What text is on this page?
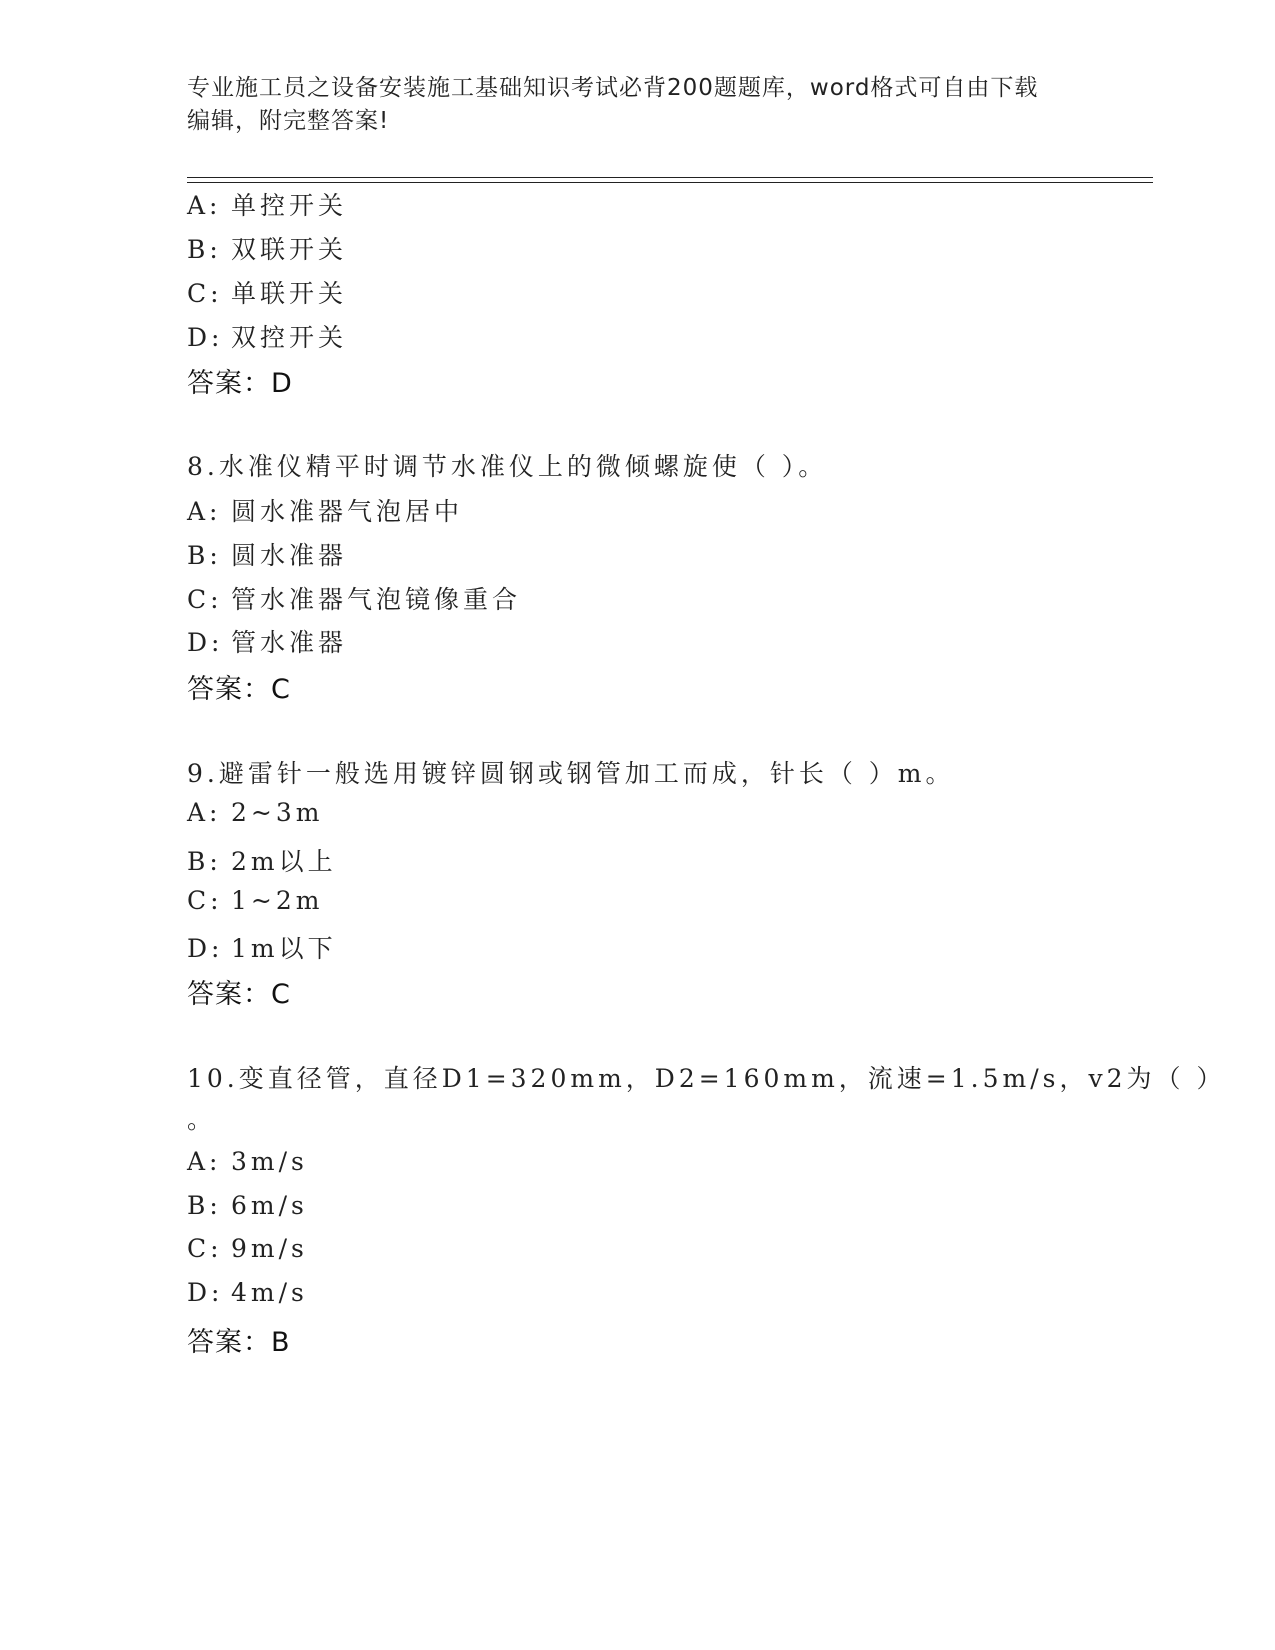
专业施工员之设备安装施工基础知识考试必背200题题库，word格式可自由下载
编辑，附完整答案!
A: 单控开关
B: 双联开关
C: 单联开关
D: 双控开关
答案：D
8.水准仪精平时调节水准仪上的微倾螺旋使（ ）。
A: 圆水准器气泡居中
B: 圆水准器
C: 管水准器气泡镜像重合
D: 管水准器
答案：C
9.避雷针一般选用镀锌圆钢或钢管加工而成，针长（ ）m。
A: 2~3m
B: 2m以上
C: 1~2m
D: 1m以下
答案：C
10.变直径管，直径D1=320mm，D2=160mm，流速=1.5m/s，v2为（ ）
。
A: 3m/s
B: 6m/s
C: 9m/s
D: 4m/s
答案：B
